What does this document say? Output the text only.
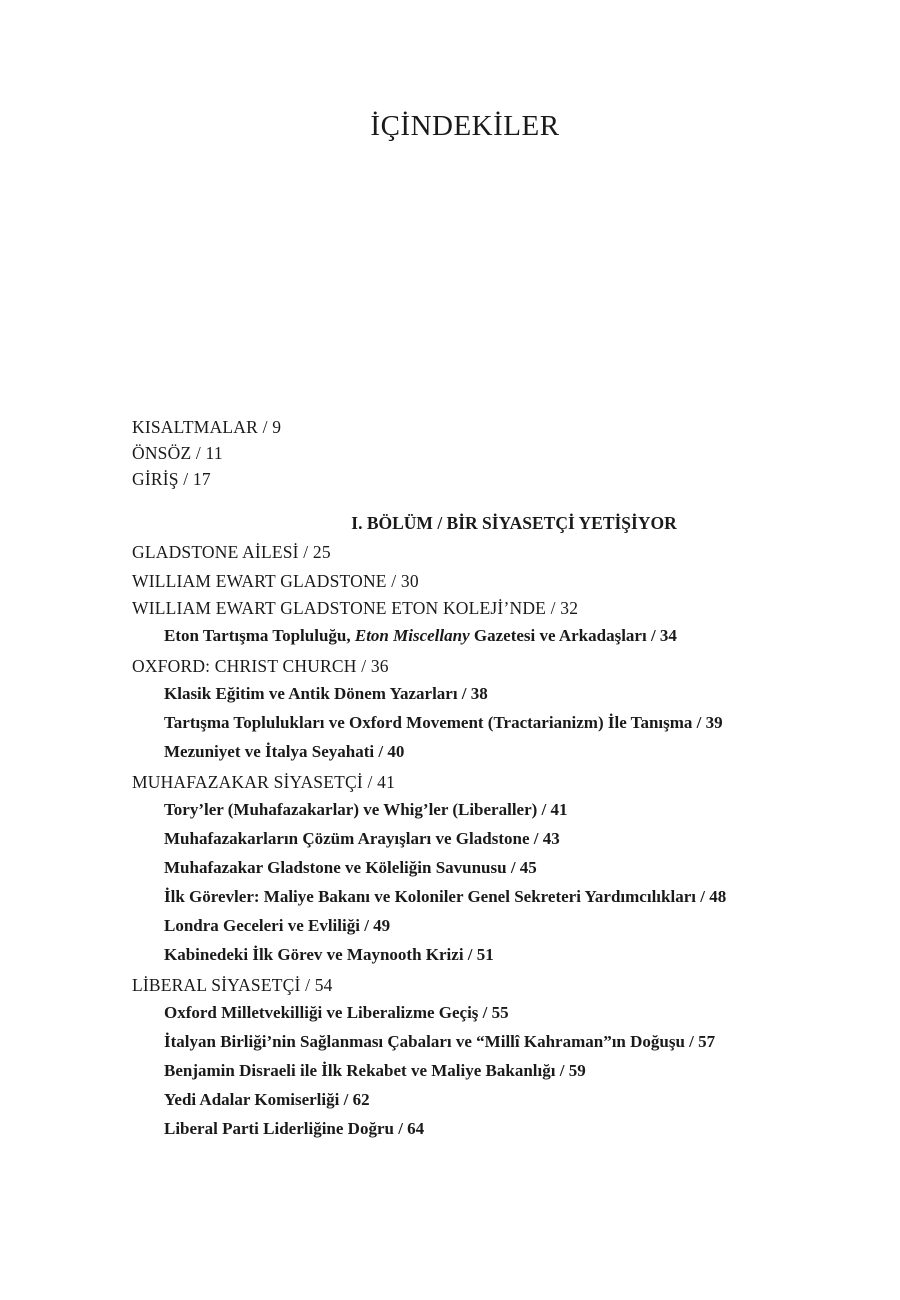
İÇİNDEKİLER
KISALTMALAR / 9
ÖNSÖZ / 11
GİRİŞ / 17
I. BÖLÜM / BİR SİYASETÇİ YETİŞİYOR
GLADSTONE AİLESİ / 25
WILLIAM EWART GLADSTONE / 30
WILLIAM EWART GLADSTONE ETON KOLEJİ’NDE / 32
Eton Tartışma Topluluğu, Eton Miscellany Gazetesi ve Arkadaşları / 34
OXFORD: CHRIST CHURCH / 36
Klasik Eğitim ve Antik Dönem Yazarları / 38
Tartışma Toplulukları ve Oxford Movement (Tractarianizm) İle Tanışma / 39
Mezuniyet ve İtalya Seyahati / 40
MUHAFAZAKAR SİYASETÇİ / 41
Tory’ler (Muhafazakarlar) ve Whig’ler (Liberaller) / 41
Muhafazakarların Çözüm Arayışları ve Gladstone / 43
Muhafazakar Gladstone ve Köleliğin Savunusu / 45
İlk Görevler: Maliye Bakanı ve Koloniler Genel Sekreteri Yardımcılıkları / 48
Londra Geceleri ve Evliliği / 49
Kabinedeki İlk Görev ve Maynooth Krizi / 51
LİBERAL SİYASETÇİ / 54
Oxford Milletvekilliği ve Liberalizme Geçiş / 55
İtalyan Birliği’nin Sağlanması Çabaları ve “Millî Kahraman”ın Doğuşu / 57
Benjamin Disraeli ile İlk Rekabet ve Maliye Bakanlığı / 59
Yedi Adalar Komiserliği / 62
Liberal Parti Liderliğine Doğru / 64
